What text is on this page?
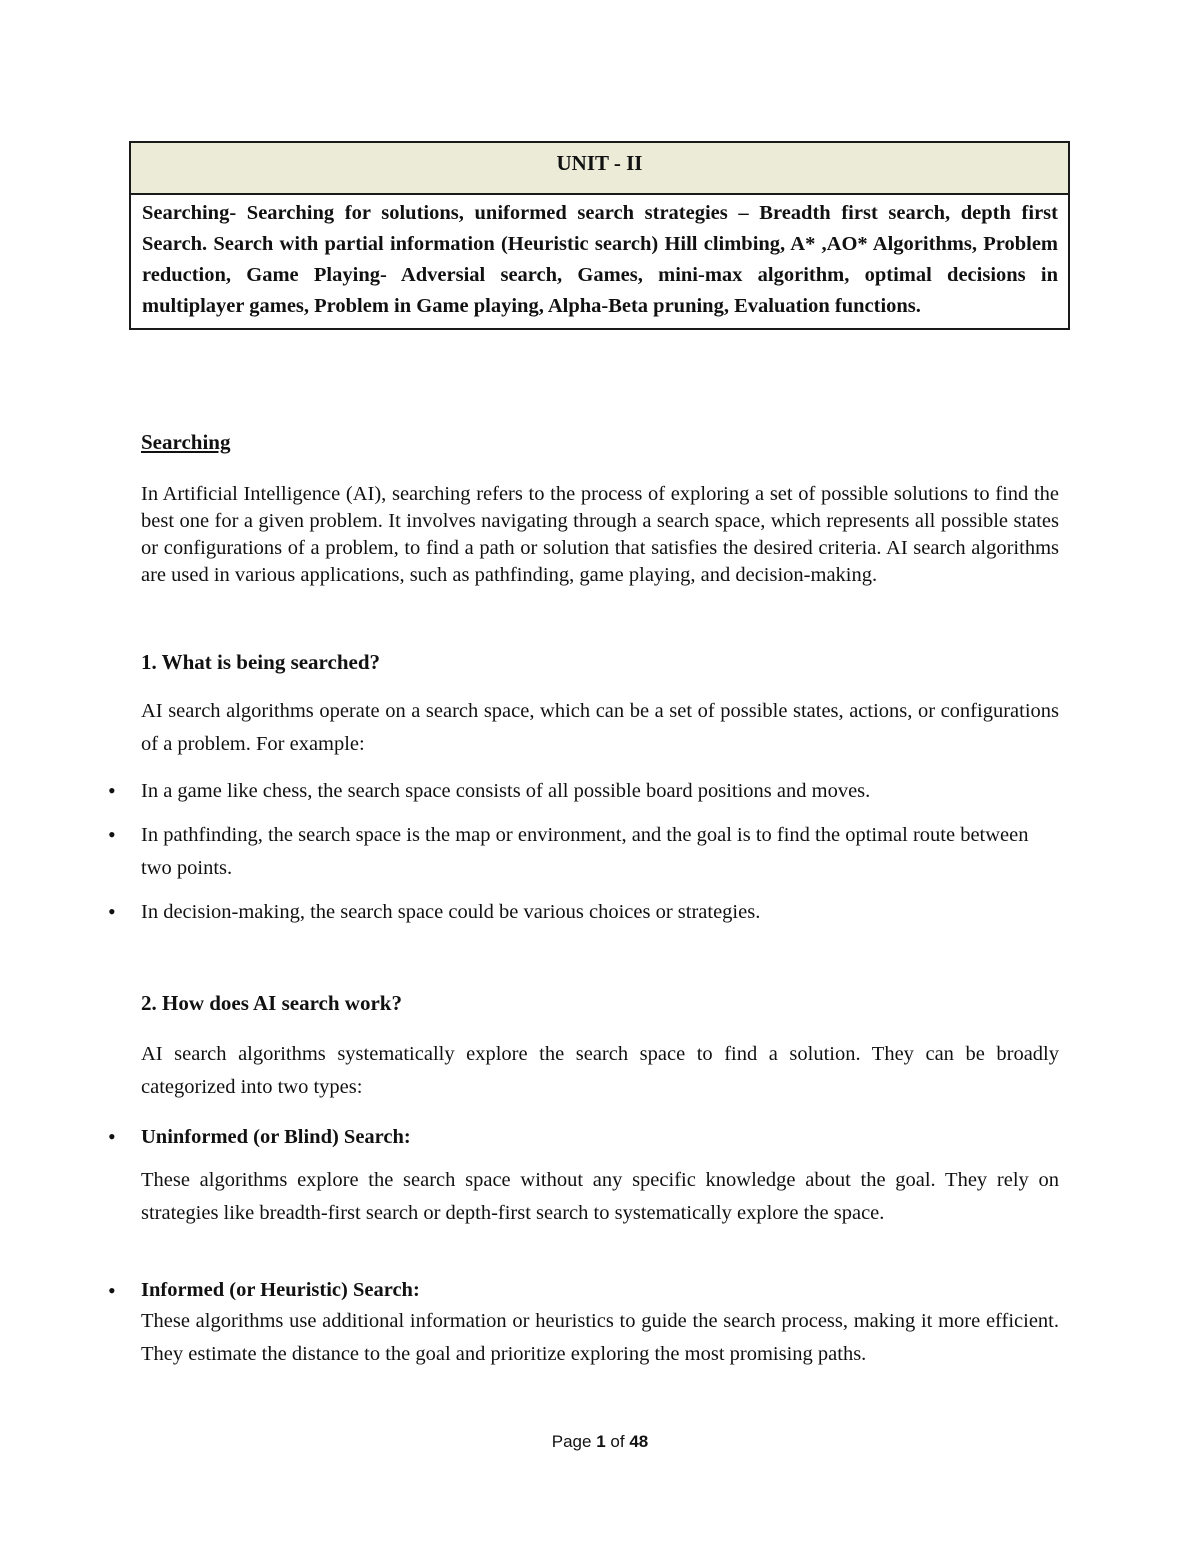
UNIT - II
Searching- Searching for solutions, uniformed search strategies – Breadth first search, depth first Search. Search with partial information (Heuristic search) Hill climbing, A* ,AO* Algorithms, Problem reduction, Game Playing- Adversial search, Games, mini-max algorithm, optimal decisions in multiplayer games, Problem in Game playing, Alpha-Beta pruning, Evaluation functions.
Searching
In Artificial Intelligence (AI), searching refers to the process of exploring a set of possible solutions to find the best one for a given problem. It involves navigating through a search space, which represents all possible states or configurations of a problem, to find a path or solution that satisfies the desired criteria. AI search algorithms are used in various applications, such as pathfinding, game playing, and decision-making.
1. What is being searched?
AI search algorithms operate on a search space, which can be a set of possible states, actions, or configurations of a problem. For example:
• In a game like chess, the search space consists of all possible board positions and moves.
• In pathfinding, the search space is the map or environment, and the goal is to find the optimal route between two points.
• In decision-making, the search space could be various choices or strategies.
2. How does AI search work?
AI search algorithms systematically explore the search space to find a solution. They can be broadly categorized into two types:
• Uninformed (or Blind) Search:
These algorithms explore the search space without any specific knowledge about the goal. They rely on strategies like breadth-first search or depth-first search to systematically explore the space.
• Informed (or Heuristic) Search:
These algorithms use additional information or heuristics to guide the search process, making it more efficient. They estimate the distance to the goal and prioritize exploring the most promising paths.
Page 1 of 48
